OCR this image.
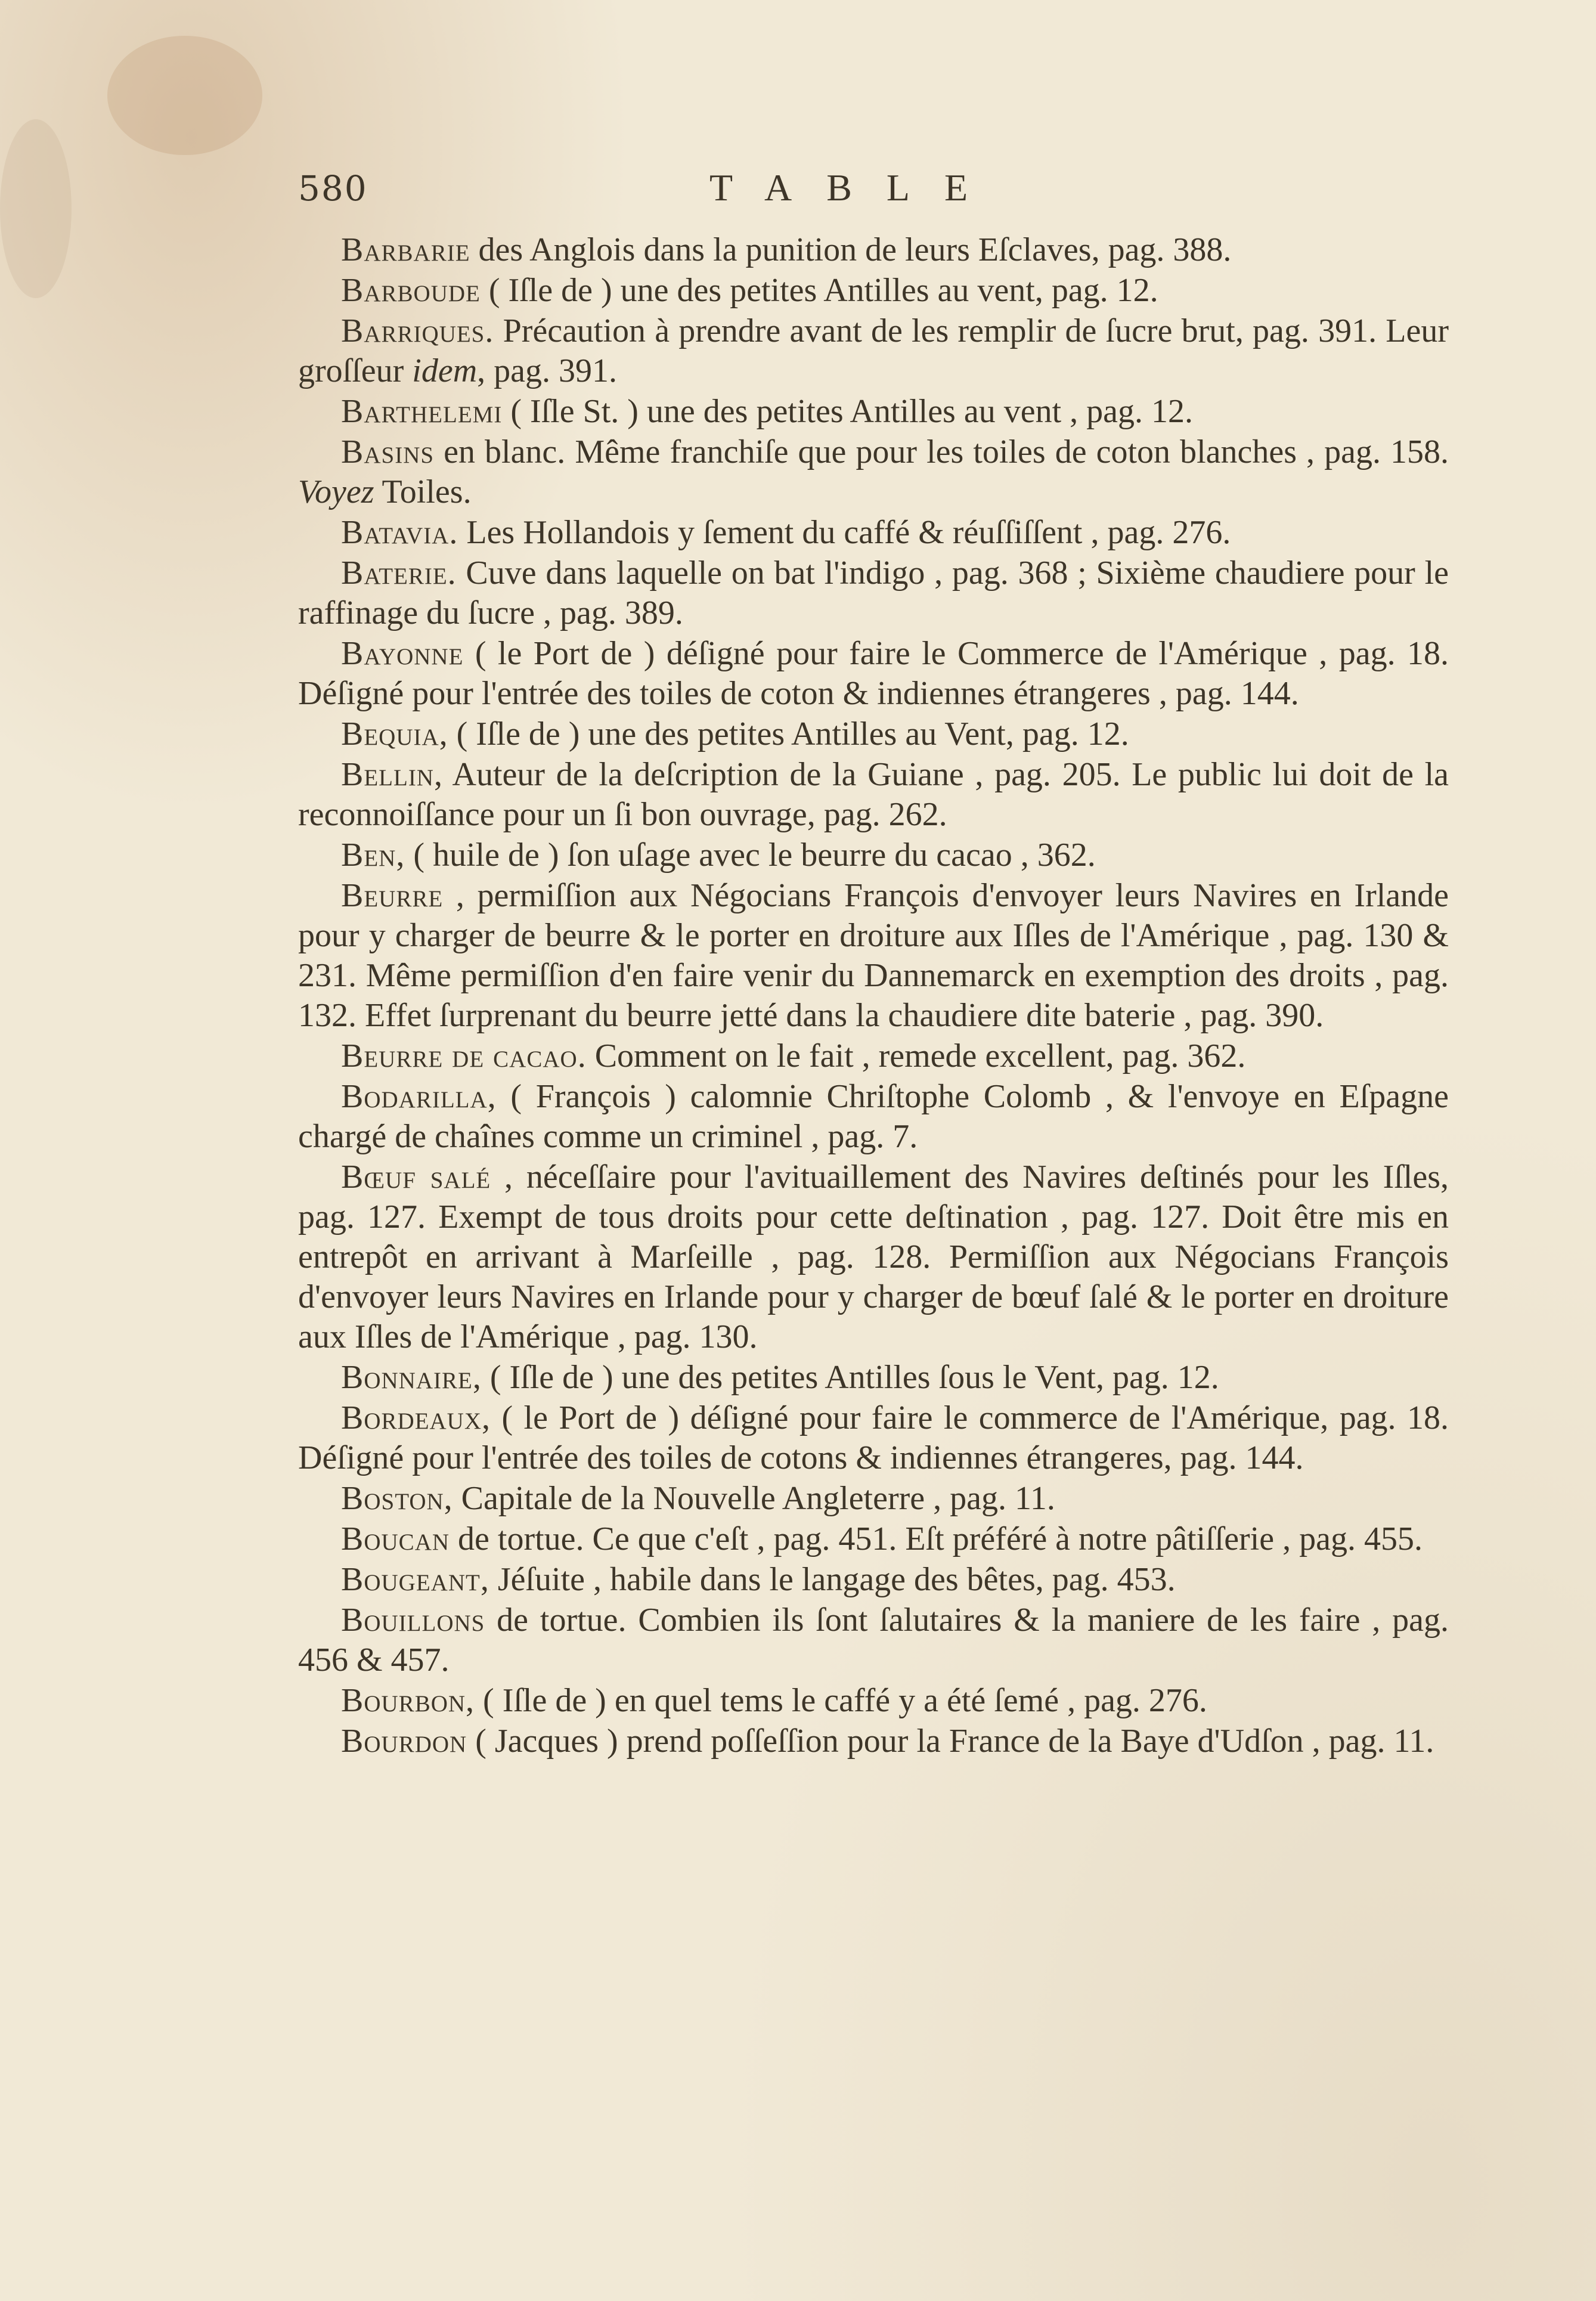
580	TABLE

Barbarie des Anglois dans la punition de leurs Eſclaves, pag. 388.

Barboude ( Iſle de ) une des petites Antilles au vent, pag. 12.

Barriques. Précaution à prendre avant de les remplir de ſucre brut, pag. 391. Leur groſſeur idem, pag. 391.

Barthelemi ( Iſle St. ) une des petites Antilles au vent , pag. 12.

Basins en blanc. Même franchiſe que pour les toiles de coton blanches , pag. 158. Voyez Toiles.

Batavia. Les Hollandois y ſement du caffé & réuſſiſſent , pag. 276.

Baterie. Cuve dans laquelle on bat l'indigo , pag. 368 ; Sixième chaudiere pour le raffinage du ſucre , pag. 389.

Bayonne ( le Port de ) déſigné pour faire le Commerce de l'Amérique , pag. 18. Déſigné pour l'entrée des toiles de coton & indiennes étrangeres , pag. 144.

Bequia, ( Iſle de ) une des petites Antilles au Vent, pag. 12.

Bellin, Auteur de la deſcription de la Guiane , pag. 205. Le public lui doit de la reconnoiſſance pour un ſi bon ouvrage, pag. 262.

Ben, ( huile de ) ſon uſage avec le beurre du cacao , 362.

Beurre , permiſſion aux Négocians François d'envoyer leurs Navires en Irlande pour y charger de beurre & le porter en droiture aux Iſles de l'Amérique , pag. 130 & 231. Même permiſſion d'en faire venir du Dannemarck en exemption des droits , pag. 132. Effet ſurprenant du beurre jetté dans la chaudiere dite baterie , pag. 390.

Beurre de cacao. Comment on le fait , remede excellent, pag. 362.

Bodarilla, ( François ) calomnie Chriſtophe Colomb , & l'envoye en Eſpagne chargé de chaînes comme un criminel , pag. 7.

Bœuf salé , néceſſaire pour l'avituaillement des Navires deſtinés pour les Iſles, pag. 127. Exempt de tous droits pour cette deſtination , pag. 127. Doit être mis en entrepôt en arrivant à Marſeille , pag. 128. Permiſſion aux Négocians François d'envoyer leurs Navires en Irlande pour y charger de bœuf ſalé & le porter en droiture aux Iſles de l'Amérique , pag. 130.

Bonnaire, ( Iſle de ) une des petites Antilles ſous le Vent, pag. 12.

Bordeaux, ( le Port de ) déſigné pour faire le commerce de l'Amérique, pag. 18. Déſigné pour l'entrée des toiles de cotons & indiennes étrangeres, pag. 144.

Boston, Capitale de la Nouvelle Angleterre , pag. 11.

Boucan de tortue. Ce que c'eſt , pag. 451. Eſt préféré à notre pâtiſſerie , pag. 455.

Bougeant, Jéſuite , habile dans le langage des bêtes, pag. 453.

Bouillons de tortue. Combien ils ſont ſalutaires & la maniere de les faire , pag. 456 & 457.

Bourbon, ( Iſle de ) en quel tems le caffé y a été ſemé , pag. 276.

Bourdon ( Jacques ) prend poſſeſſion pour la France de la Baye d'Udſon , pag. 11.
